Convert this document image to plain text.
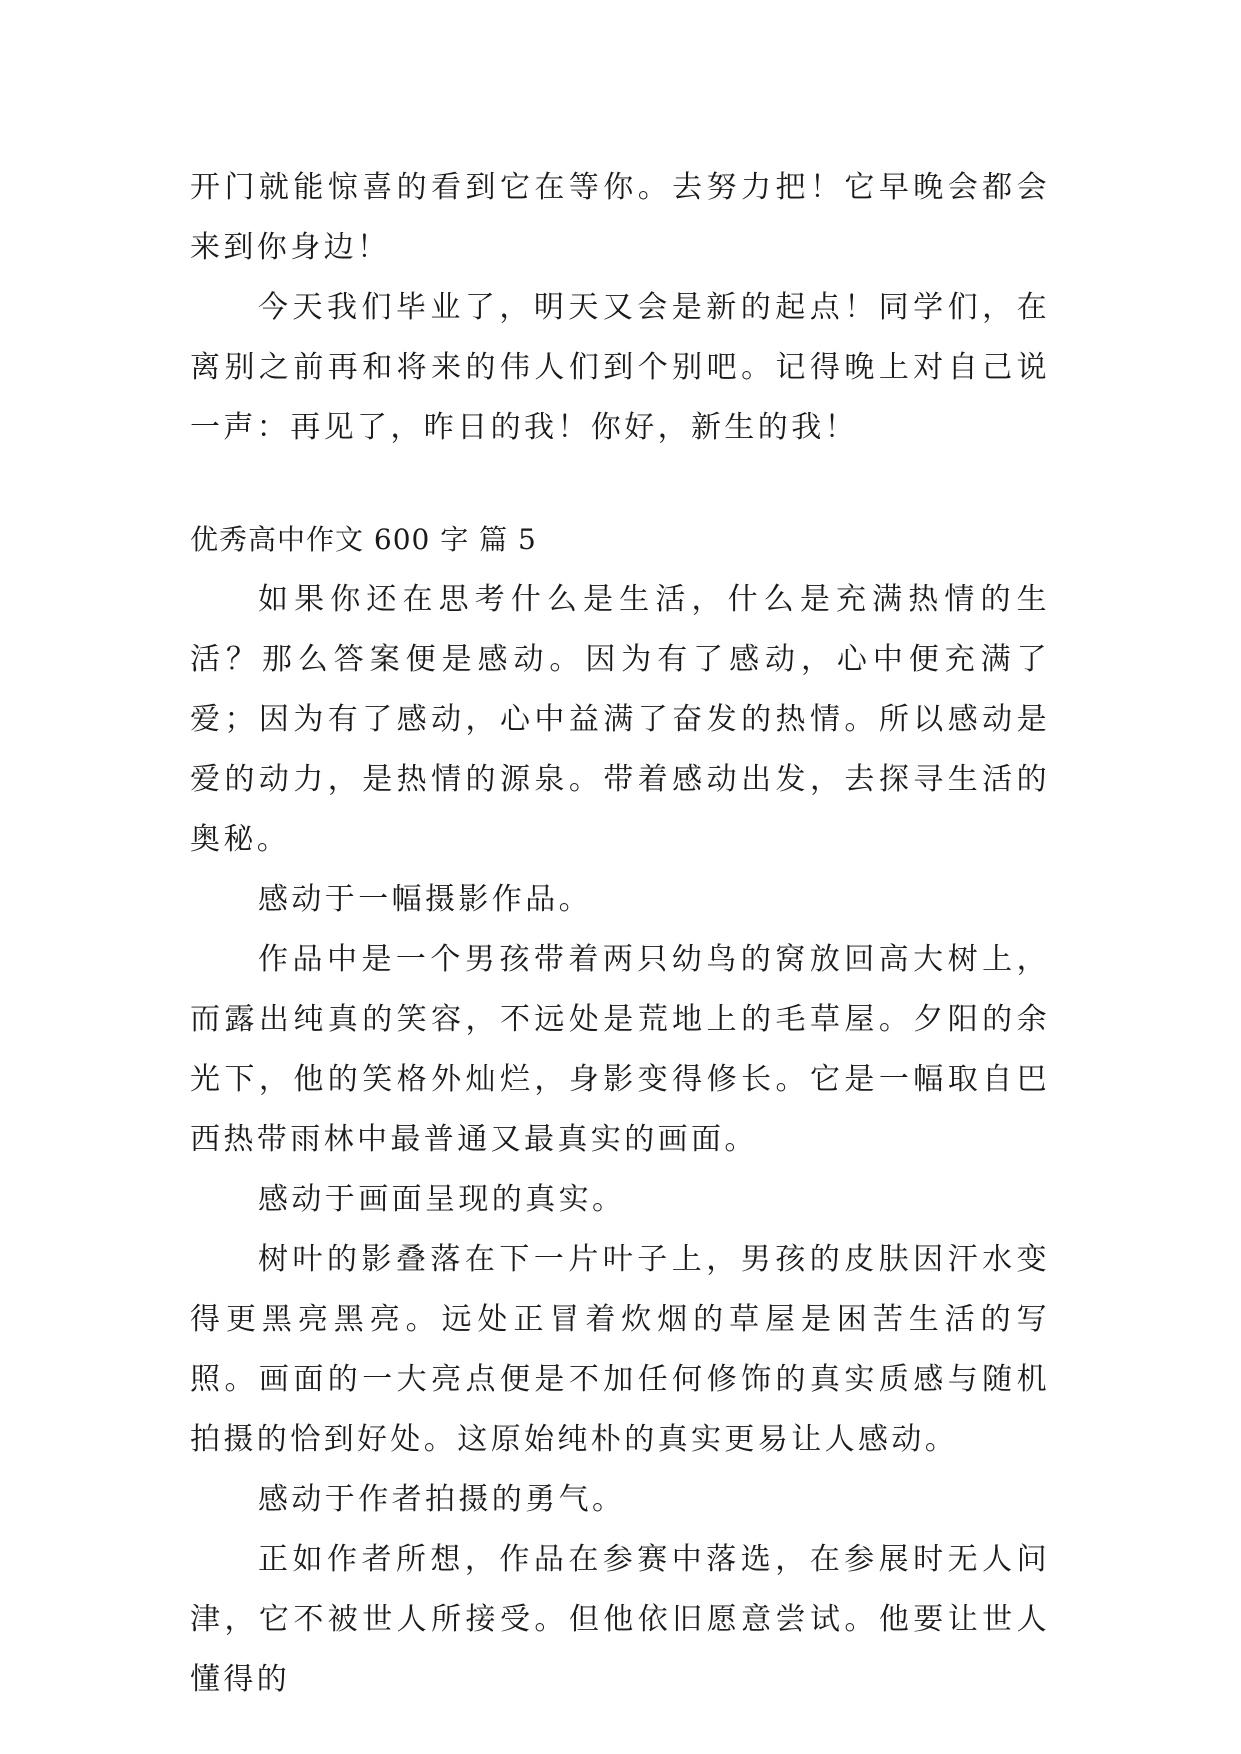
开门就能惊喜的看到它在等你。去努力把！它早晚会都会来到你身边！

今天我们毕业了，明天又会是新的起点！同学们，在离别之前再和将来的伟人们到个别吧。记得晚上对自己说一声：再见了，昨日的我！你好，新生的我！

优秀高中作文 600 字 篇 5

如果你还在思考什么是生活，什么是充满热情的生活？那么答案便是感动。因为有了感动，心中便充满了爱；因为有了感动，心中益满了奋发的热情。所以感动是爱的动力，是热情的源泉。带着感动出发，去探寻生活的奥秘。

感动于一幅摄影作品。

作品中是一个男孩带着两只幼鸟的窝放回高大树上，而露出纯真的笑容，不远处是荒地上的毛草屋。夕阳的余光下，他的笑格外灿烂，身影变得修长。它是一幅取自巴西热带雨林中最普通又最真实的画面。

感动于画面呈现的真实。

树叶的影叠落在下一片叶子上，男孩的皮肤因汗水变得更黑亮黑亮。远处正冒着炊烟的草屋是困苦生活的写照。画面的一大亮点便是不加任何修饰的真实质感与随机拍摄的恰到好处。这原始纯朴的真实更易让人感动。

感动于作者拍摄的勇气。

正如作者所想，作品在参赛中落选，在参展时无人问津，它不被世人所接受。但他依旧愿意尝试。他要让世人懂得的
